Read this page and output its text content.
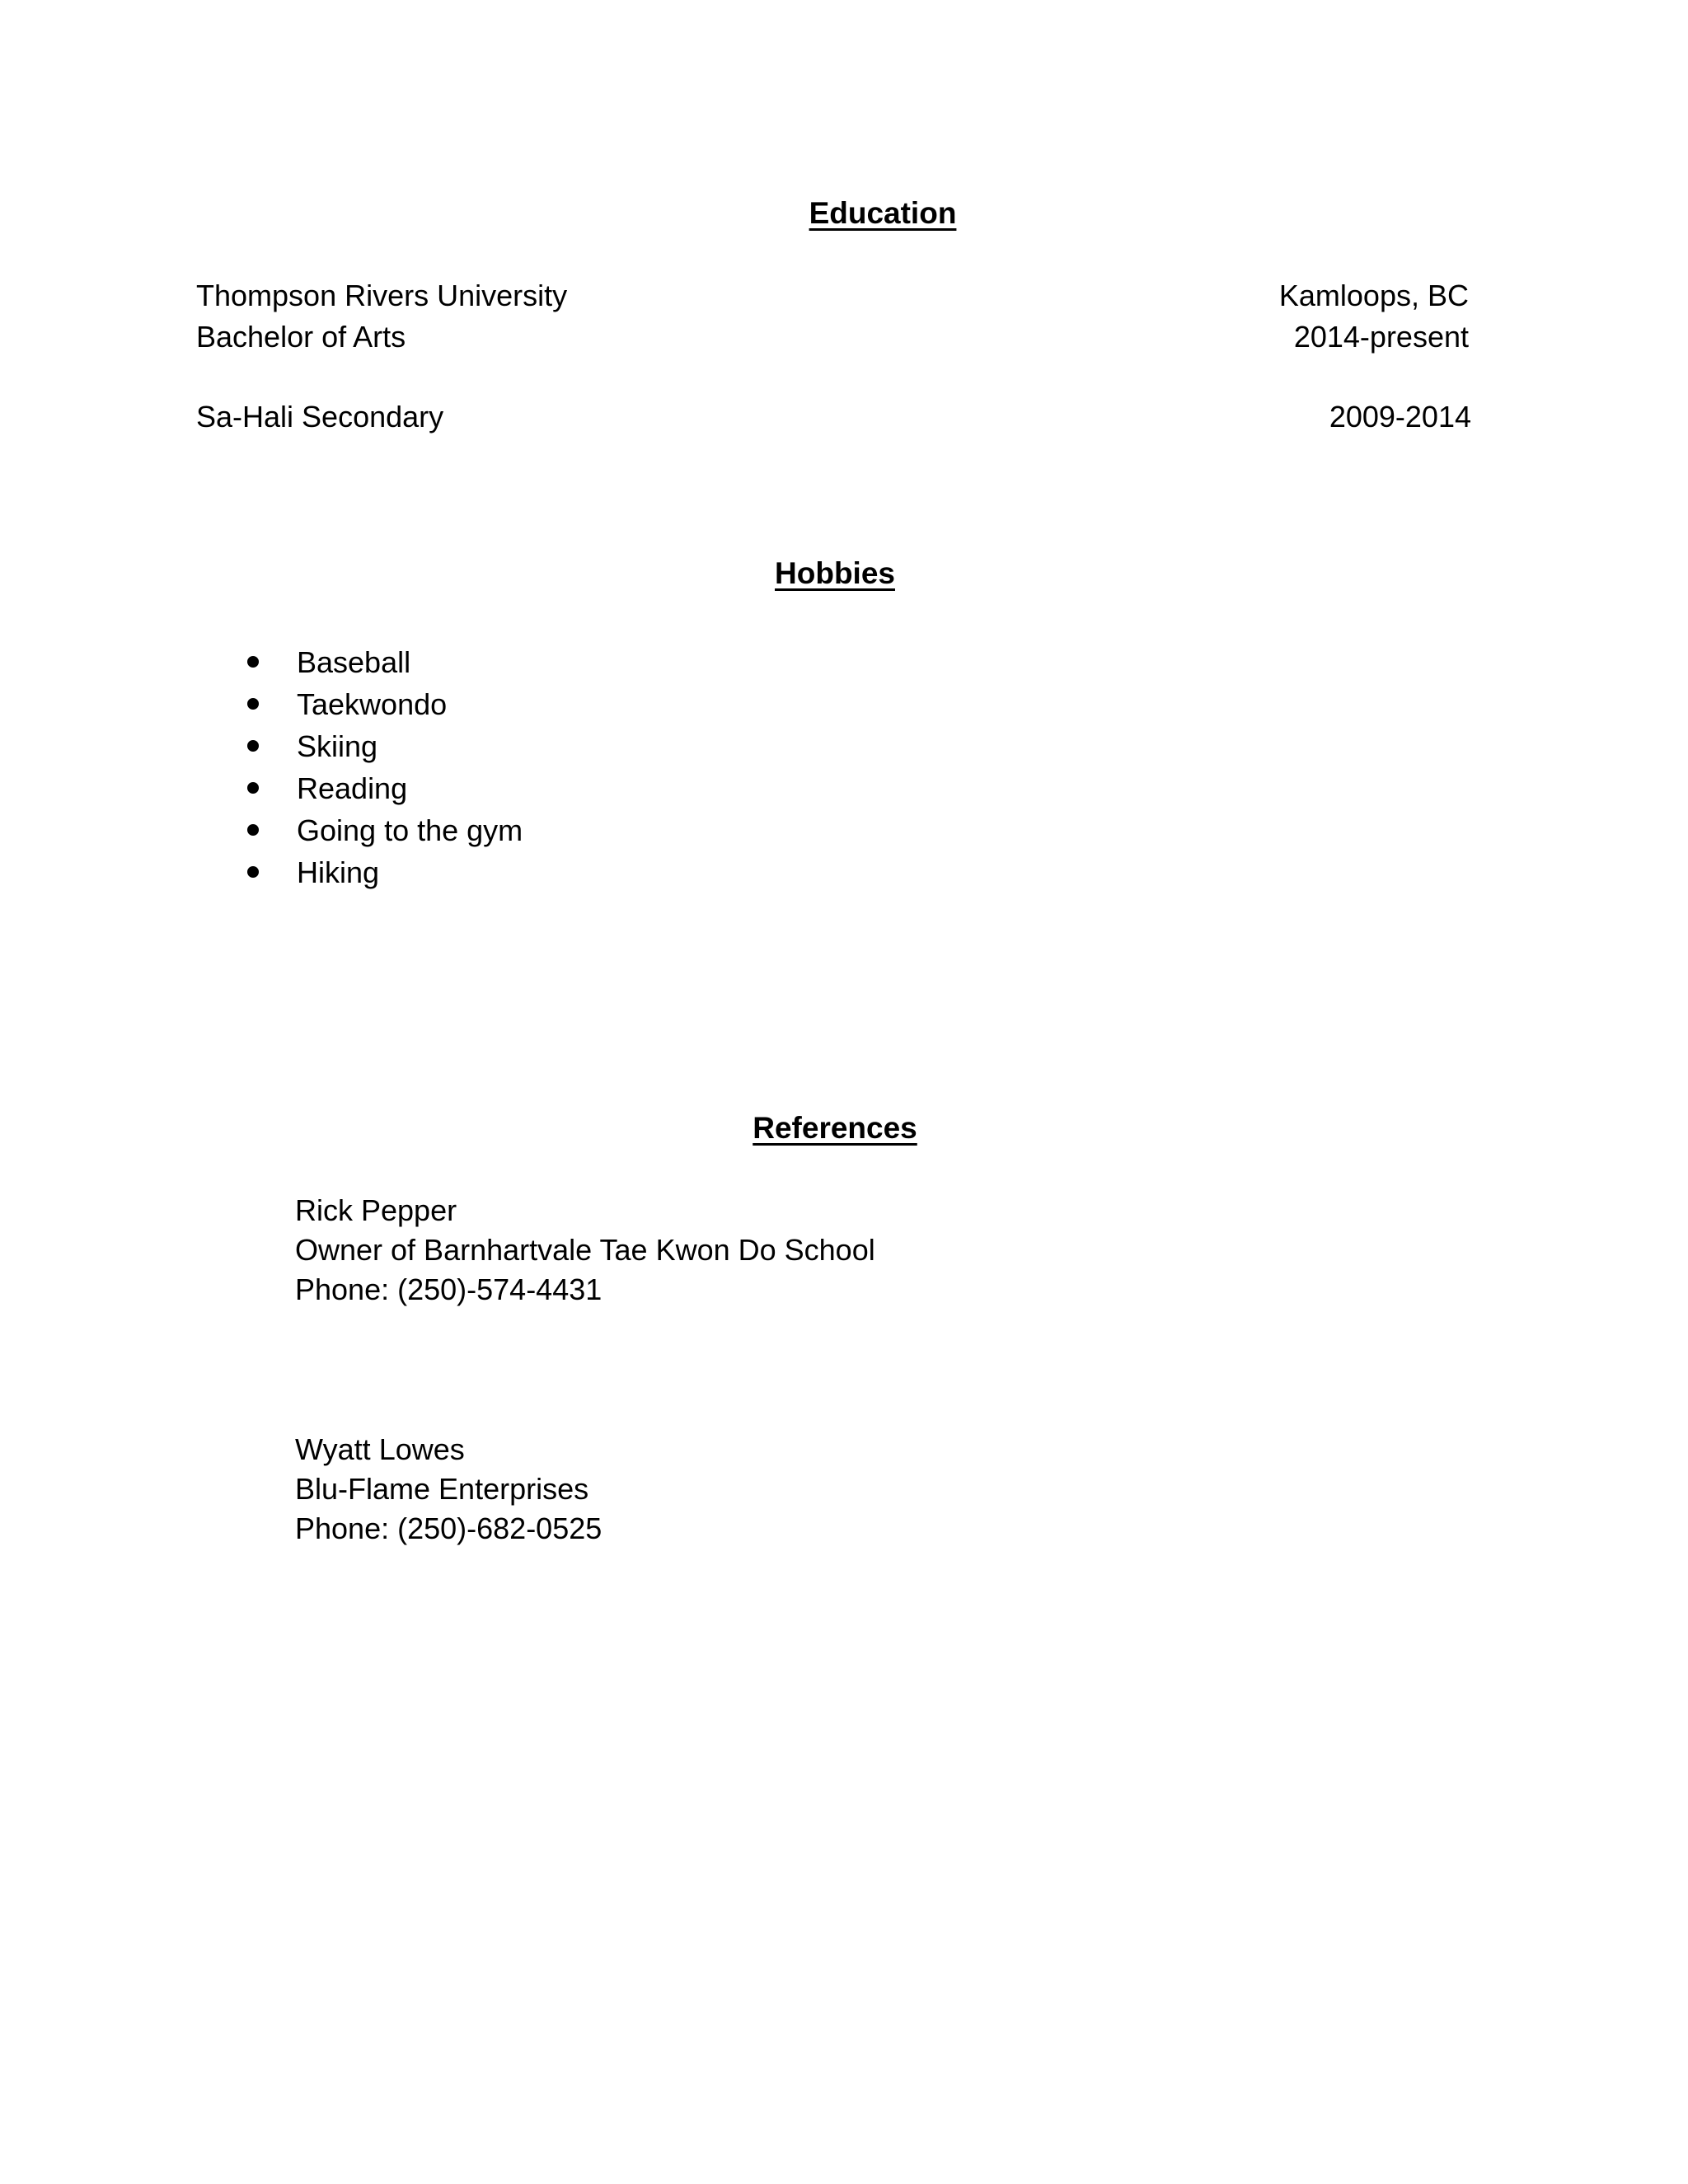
Education
Thompson Rivers University	Kamloops, BC
Bachelor of Arts	2014-present
Sa-Hali Secondary	2009-2014
Hobbies
Baseball
Taekwondo
Skiing
Reading
Going to the gym
Hiking
References
Rick Pepper
Owner of Barnhartvale Tae Kwon Do School
Phone: (250)-574-4431
Wyatt Lowes
Blu-Flame Enterprises
Phone: (250)-682-0525
